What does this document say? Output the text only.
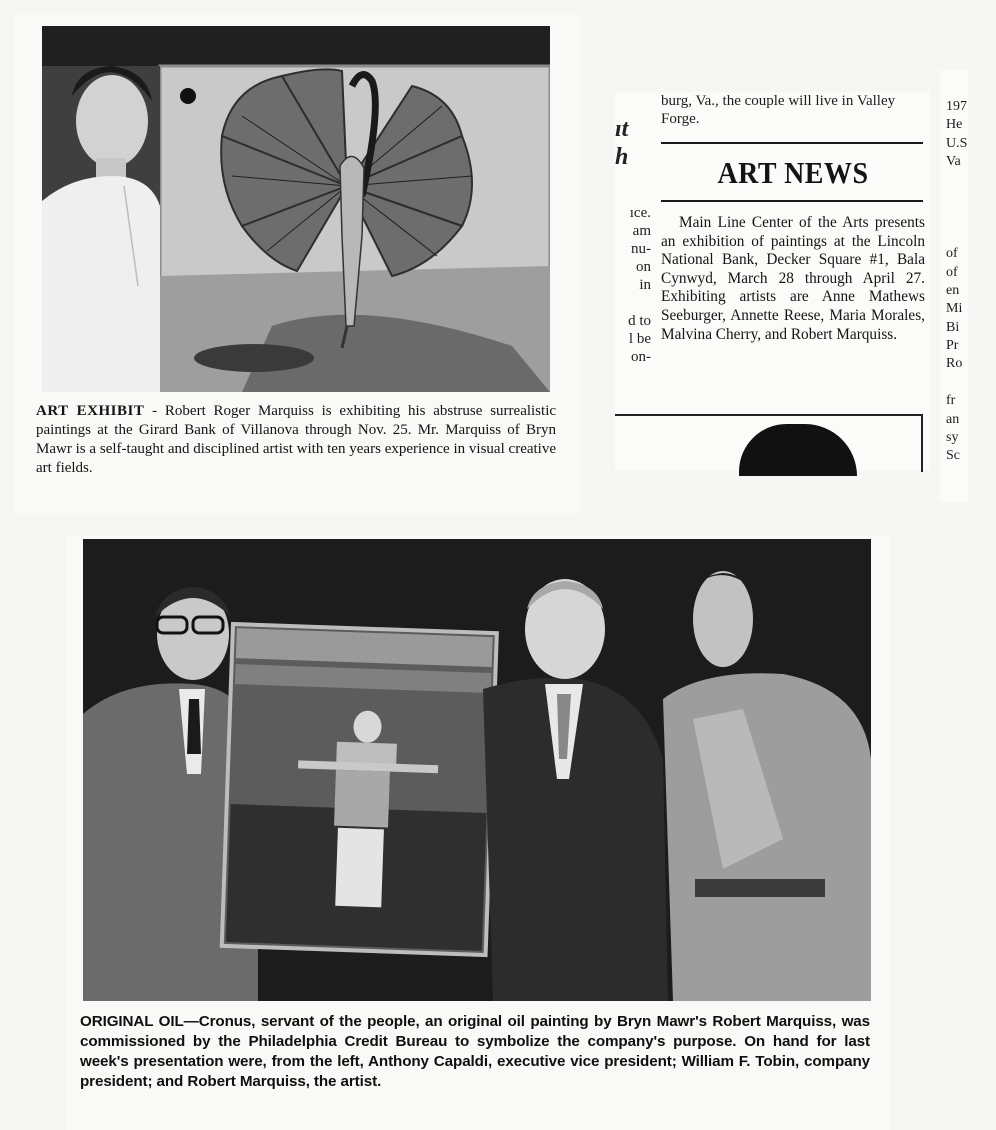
ART EXHIBIT - Robert Roger Marquiss is exhibiting his abstruse surrealistic paintings at the Girard Bank of Villanova through Nov. 25. Mr. Marquiss of Bryn Mawr is a self-taught and disciplined artist with ten years experience in visual creative art fields.
ıt
h
ıce.
am
nu-
on
in
d to
l be
on-
burg, Va., the couple will live in Valley Forge.
ART NEWS
Main Line Center of the Arts presents an exhibition of paintings at the Lincoln National Bank, Decker Square #1, Bala Cynwyd, March 28 through April 27. Exhibiting artists are Anne Mathews Seeburger, Annette Reese, Maria Morales, Malvina Cherry, and Robert Marquiss.
197
He
U.S
Va
of
of
en
Mi
Bi
Pr
Ro
fr
an
sy
Sc
ORIGINAL OIL—Cronus, servant of the people, an original oil painting by Bryn Mawr's Robert Marquiss, was commissioned by the Philadelphia Credit Bureau to symbolize the company's purpose. On hand for last week's presentation were, from the left, Anthony Capaldi, executive vice president; William F. Tobin, company president; and Robert Marquiss, the artist.
